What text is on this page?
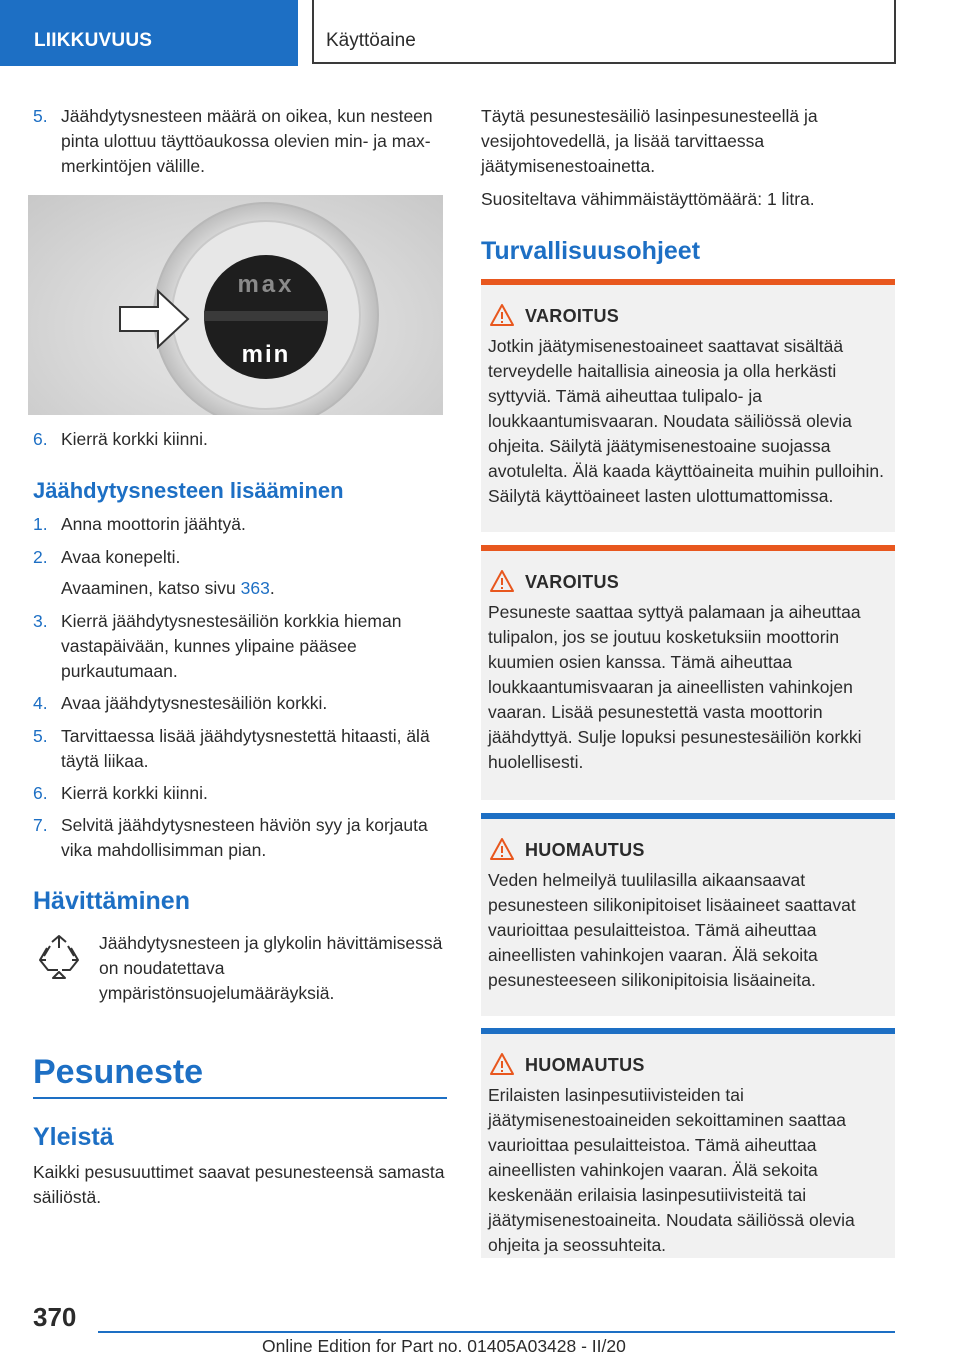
LIIKKUVUUS	Käyttöaine
5. Jäähdytysnesteen määrä on oikea, kun nesteen pinta ulottuu täyttöaukossa olevien min- ja max-merkintöjen välille.
max
min
6. Kierrä korkki kiinni.
Jäähdytysnesteen lisääminen
1. Anna moottorin jäähtyä.
2. Avaa konepelti.
Avaaminen, katso sivu 363.
3. Kierrä jäähdytysnestesäiliön korkkia hieman vastapäivään, kunnes ylipaine pääsee purkautumaan.
4. Avaa jäähdytysnestesäiliön korkki.
5. Tarvittaessa lisää jäähdytysnestettä hitaasti, älä täytä liikaa.
6. Kierrä korkki kiinni.
7. Selvitä jäähdytysnesteen häviön syy ja korjauta vika mahdollisimman pian.
Hävittäminen
Jäähdytysnesteen ja glykolin hävittämisessä on noudatettava ympäristönsuojelumääräyksiä.
Pesuneste
Yleistä
Kaikki pesusuuttimet saavat pesunesteensä samasta säiliöstä.
Täytä pesunestesäiliö lasinpesunesteellä ja vesijohtovedellä, ja lisää tarvittaessa jäätymisenestoainetta.
Suositeltava vähimmäistäyttömäärä: 1 litra.
Turvallisuusohjeet
VAROITUS
Jotkin jäätymisenestoaineet saattavat sisältää terveydelle haitallisia aineosia ja olla herkästi syttyviä. Tämä aiheuttaa tulipalo- ja loukkaantumisvaaran. Noudata säiliössä olevia ohjeita. Säilytä jäätymisenestoaine suojassa avotulelta. Älä kaada käyttöaineita muihin pulloihin. Säilytä käyttöaineet lasten ulottumattomissa.
VAROITUS
Pesuneste saattaa syttyä palamaan ja aiheuttaa tulipalon, jos se joutuu kosketuksiin moottorin kuumien osien kanssa. Tämä aiheuttaa loukkaantumisvaaran ja aineellisten vahinkojen vaaran. Lisää pesunestettä vasta moottorin jäähdyttyä. Sulje lopuksi pesunestesäiliön korkki huolellisesti.
HUOMAUTUS
Veden helmeilyä tuulilasilla aikaansaavat pesunesteen silikonipitoiset lisäaineet saattavat vaurioittaa pesulaitteistoa. Tämä aiheuttaa aineellisten vahinkojen vaaran. Älä sekoita pesunesteeseen silikonipitoisia lisäaineita.
HUOMAUTUS
Erilaisten lasinpesutiivisteiden tai jäätymisenestoaineiden sekoittaminen saattaa vaurioittaa pesulaitteistoa. Tämä aiheuttaa aineellisten vahinkojen vaaran. Älä sekoita keskenään erilaisia lasinpesutiivisteitä tai jäätymisenestoaineita. Noudata säiliössä olevia ohjeita ja seossuhteita.
370
Online Edition for Part no. 01405A03428 - II/20
